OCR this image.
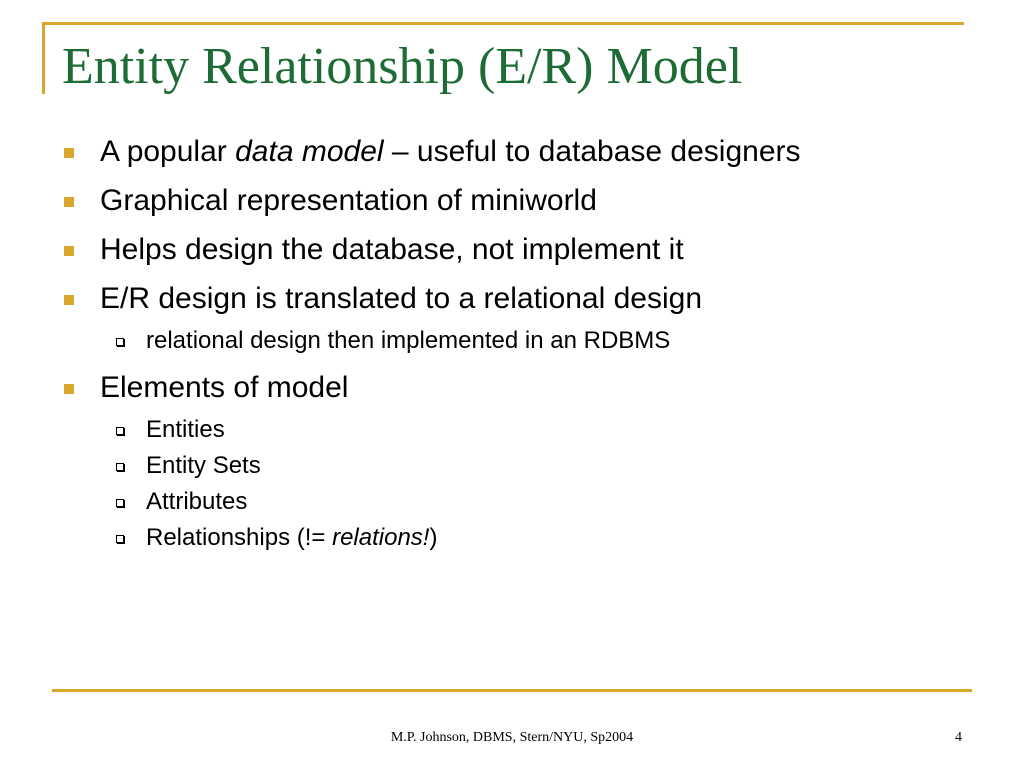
Entity Relationship (E/R) Model
A popular data model – useful to database designers
Graphical representation of miniworld
Helps design the database, not implement it
E/R design is translated to a relational design
relational design then implemented in an RDBMS
Elements of model
Entities
Entity Sets
Attributes
Relationships (!= relations!)
M.P. Johnson, DBMS, Stern/NYU, Sp2004	4
